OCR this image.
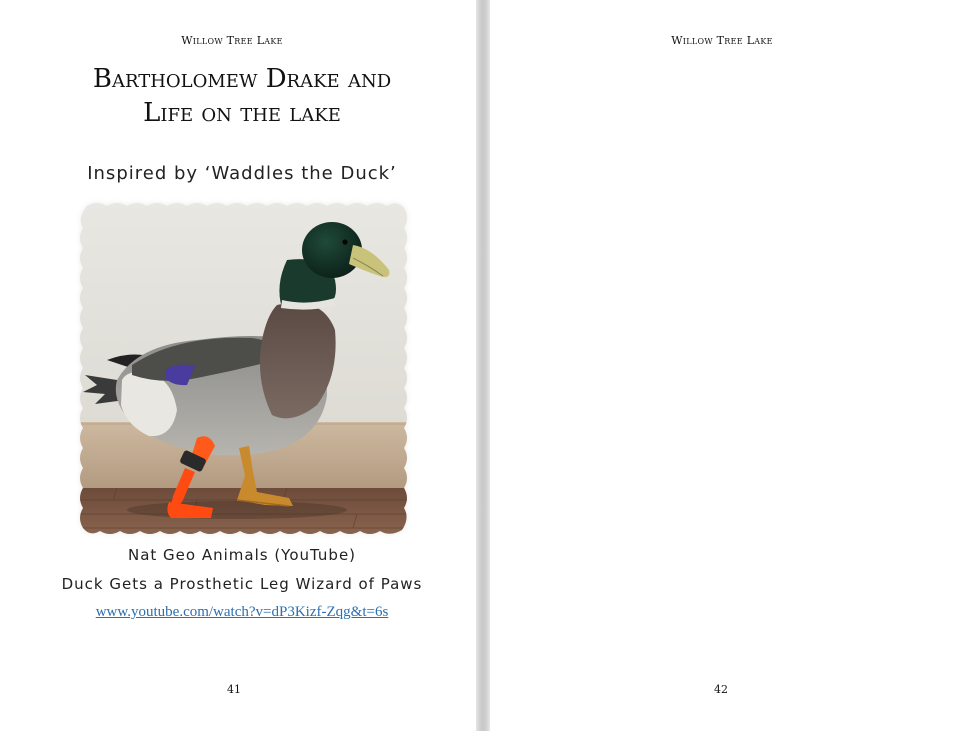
Willow Tree Lake
Bartholomew Drake and
Life on the lake
Inspired by ‘Waddles the Duck’
Nat Geo Animals (YouTube)
Duck Gets a Prosthetic Leg Wizard of Paws
www.youtube.com/watch?v=dP3Kizf-Zqg&t=6s
41
Willow Tree Lake
42
